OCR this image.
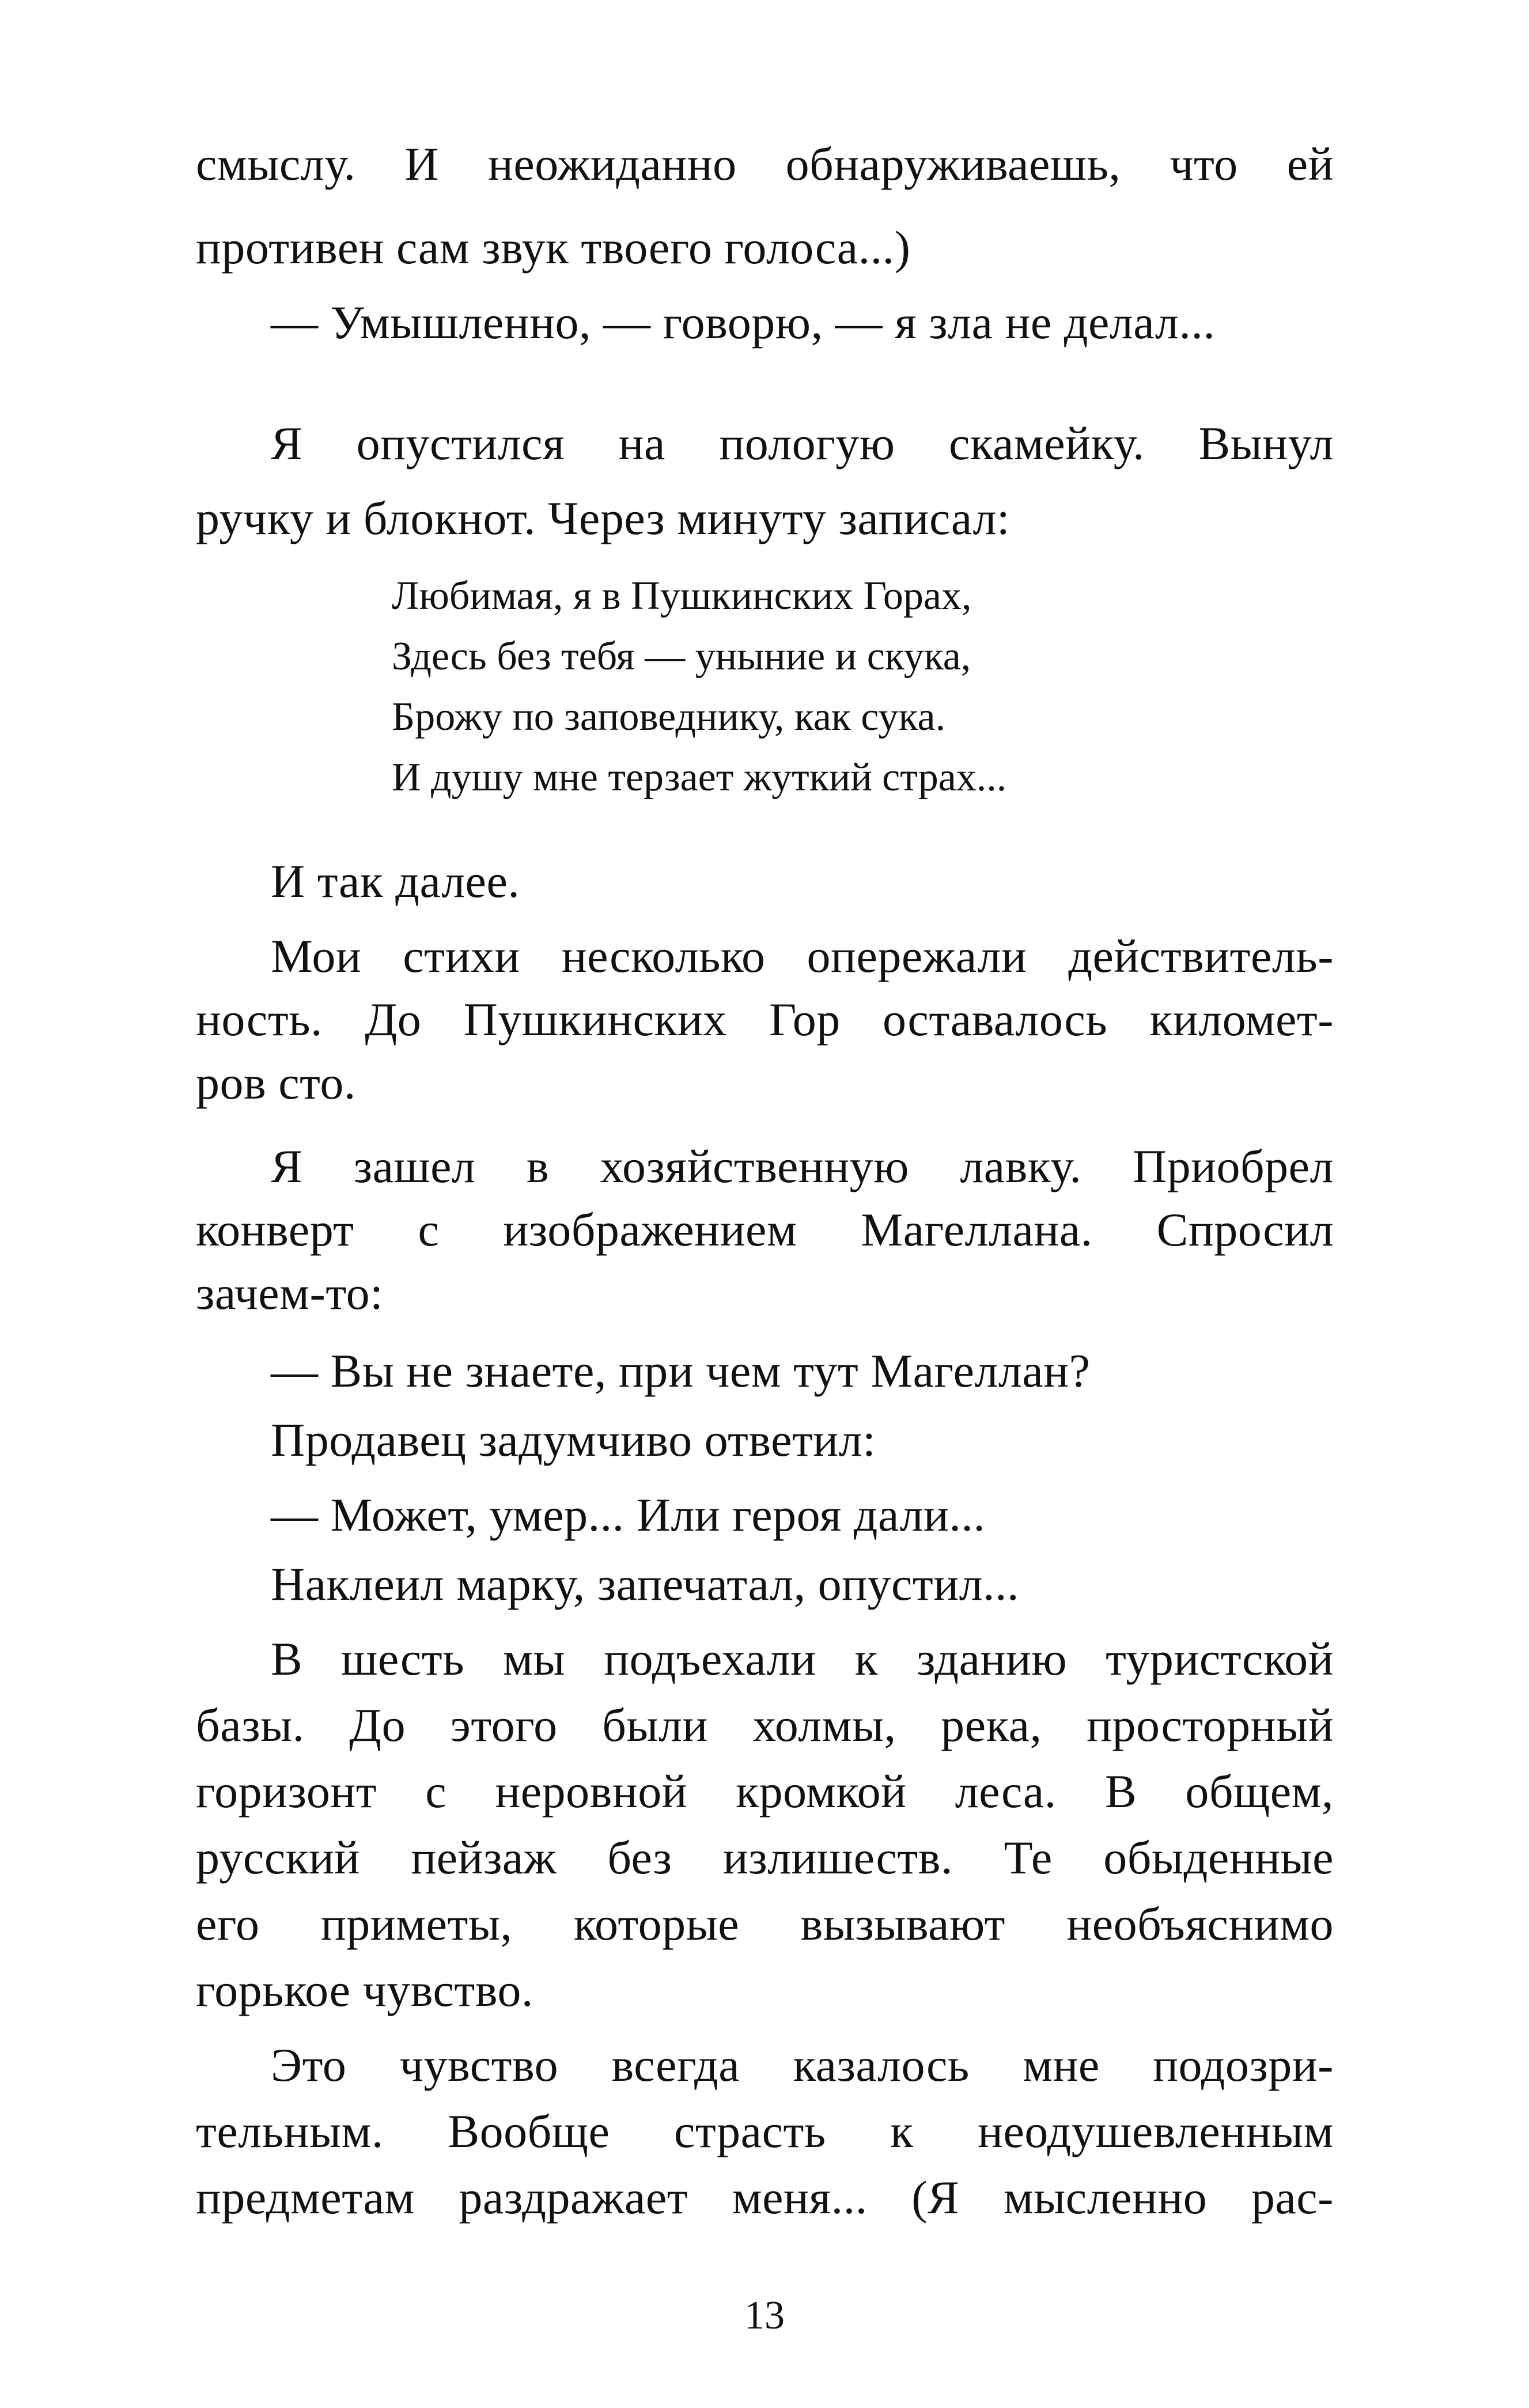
смыслу. И неожиданно обнаруживаешь, что ей
противен сам звук твоего голоса...)
— Умышленно, — говорю, — я зла не делал...
Я опустился на пологую скамейку. Вынул
ручку и блокнот. Через минуту записал:
И так далее.
Мои стихи несколько опережали действитель-
ность. До Пушкинских Гор оставалось километ-
ров сто.
Я зашел в хозяйственную лавку. Приобрел
конверт с изображением Магеллана. Спросил
зачем-то:
— Вы не знаете, при чем тут Магеллан?
Продавец задумчиво ответил:
— Может, умер... Или героя дали...
Наклеил марку, запечатал, опустил...
В шесть мы подъехали к зданию туристской
базы. До этого были холмы, река, просторный
горизонт с неровной кромкой леса. В общем,
русский пейзаж без излишеств. Те обыденные
его приметы, которые вызывают необъяснимо
горькое чувство.
Это чувство всегда казалось мне подозри-
тельным. Вообще страсть к неодушевленным
предметам раздражает меня... (Я мысленно рас-
Любимая, я в Пушкинских Горах,
Здесь без тебя — уныние и скука,
Брожу по заповеднику, как сука.
И душу мне терзает жуткий страх...
13
